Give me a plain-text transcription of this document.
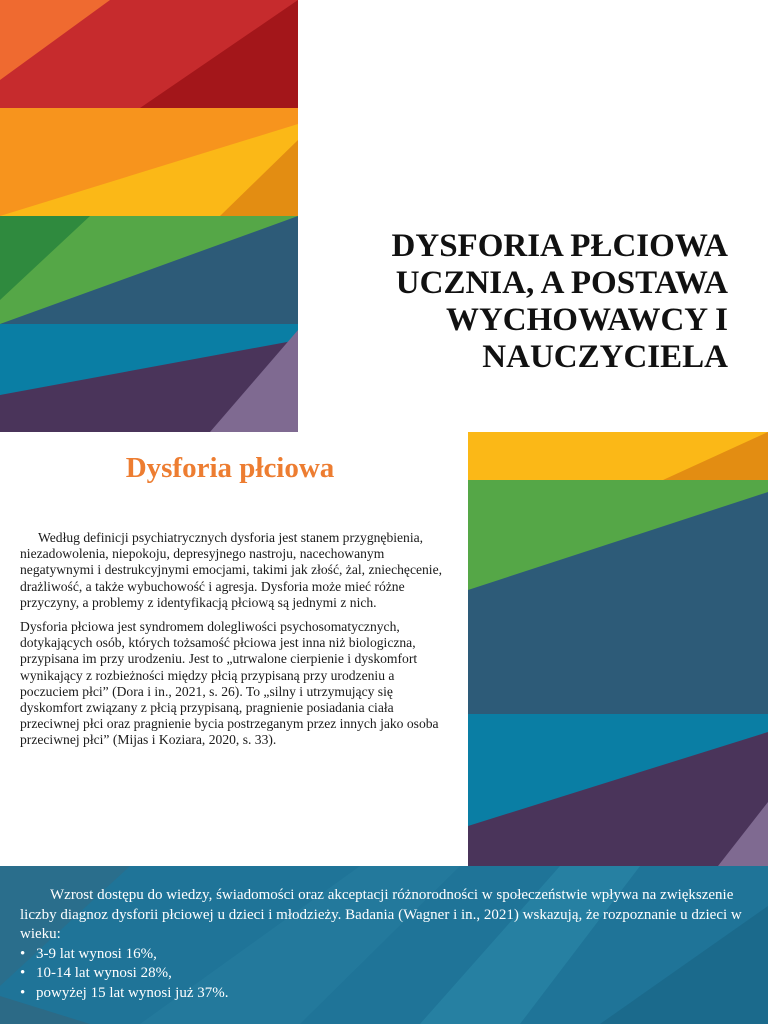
DYSFORIA PŁCIOWA UCZNIA, A POSTAWA WYCHOWAWCY I NAUCZYCIELA
Dysforia płciowa

Według definicji psychiatrycznych dysforia jest stanem przygnębienia, niezadowolenia, niepokoju, depresyjnego nastroju, nacechowanym negatywnymi i destrukcyjnymi emocjami, takimi jak złość, żal, zniechęcenie, drażliwość, a także wybuchowość i agresja. Dysforia może mieć różne przyczyny, a problemy z identyfikacją płciową są jednymi z nich.

Dysforia płciowa jest syndromem dolegliwości psychosomatycznych, dotykających osób, których tożsamość płciowa jest inna niż biologiczna, przypisana im przy urodzeniu. Jest to „utrwalone cierpienie i dyskomfort wynikający z rozbieżności między płcią przypisaną przy urodzeniu a poczuciem płci” (Dora i in., 2021, s. 26). To „silny i utrzymujący się dyskomfort związany z płcią przypisaną, pragnienie posiadania ciała przeciwnej płci oraz pragnienie bycia postrzeganym przez innych jako osoba przeciwnej płci” (Mijas i Koziara, 2020, s. 33).

Wzrost dostępu do wiedzy, świadomości oraz akceptacji różnorodności w społeczeństwie wpływa na zwiększenie liczby diagnoz dysforii płciowej u dzieci i młodzieży. Badania (Wagner i in., 2021) wskazują, że rozpoznanie u dzieci w wieku:

• 3-9 lat wynosi 16%,
• 10-14 lat wynosi 28%,
• powyżej 15 lat wynosi już 37%.
